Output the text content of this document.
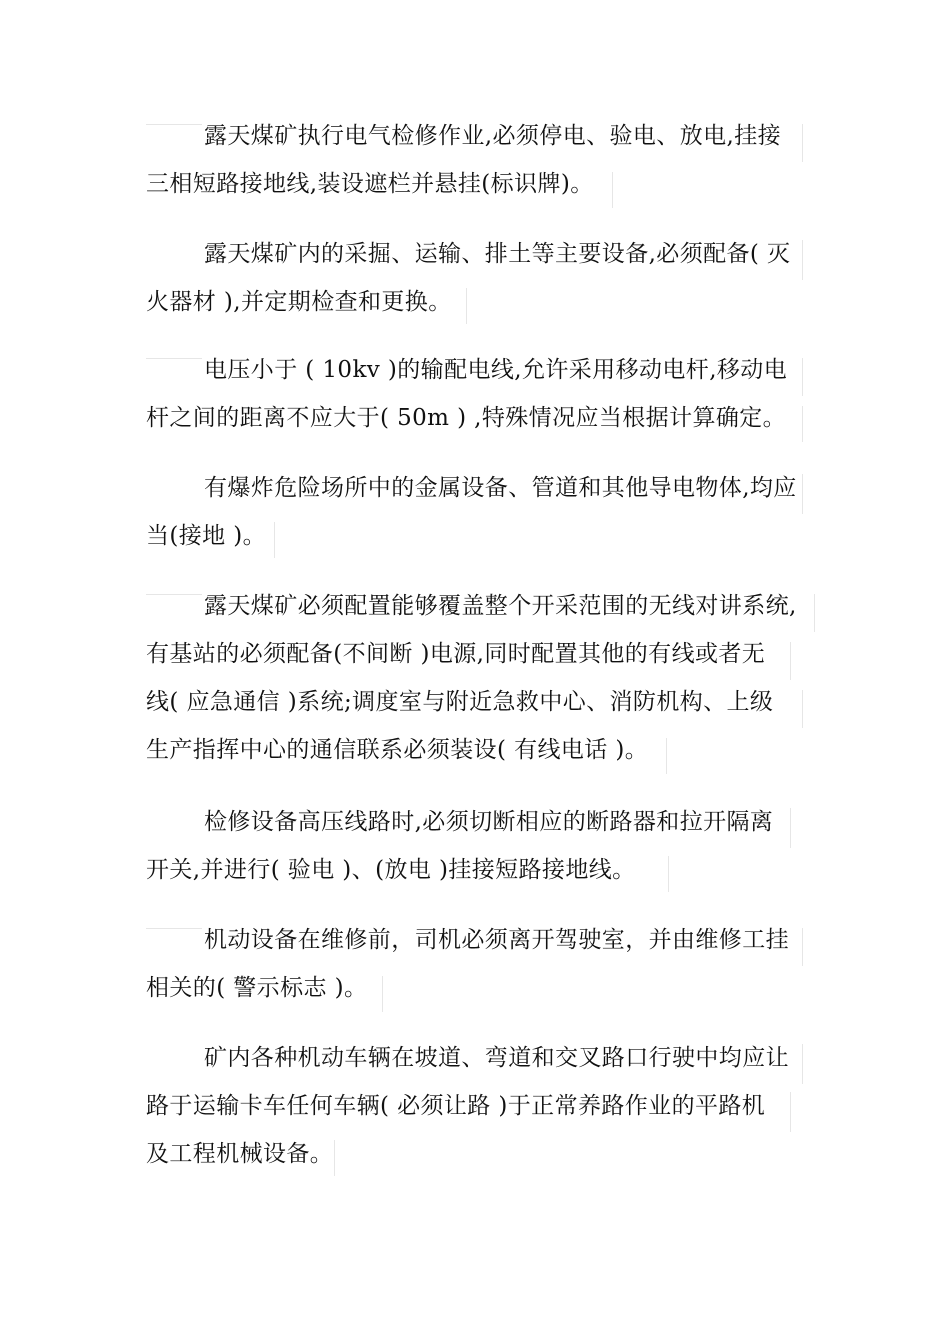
露天煤矿执行电气检修作业,必须停电、验电、放电,挂接
三相短路接地线,装设遮栏并悬挂(标识牌)。
露天煤矿内的采掘、运输、排土等主要设备,必须配备( 灭
火器材 ),并定期检查和更换。
电压小于 ( 10kv )的输配电线,允许采用移动电杆,移动电
杆之间的距离不应大于( 50m ) ,特殊情况应当根据计算确定。
有爆炸危险场所中的金属设备、管道和其他导电物体,均应
当(接地 )。
露天煤矿必须配置能够覆盖整个开采范围的无线对讲系统,
有基站的必须配备(不间断 )电源,同时配置其他的有线或者无
线( 应急通信 )系统;调度室与附近急救中心、消防机构、上级
生产指挥中心的通信联系必须装设( 有线电话 )。
检修设备高压线路时,必须切断相应的断路器和拉开隔离
开关,并进行( 验电 )、(放电 )挂接短路接地线。
机动设备在维修前，司机必须离开驾驶室，并由维修工挂
相关的( 警示标志 )。
矿内各种机动车辆在坡道、弯道和交叉路口行驶中均应让
路于运输卡车任何车辆( 必须让路 )于正常养路作业的平路机
及工程机械设备。
